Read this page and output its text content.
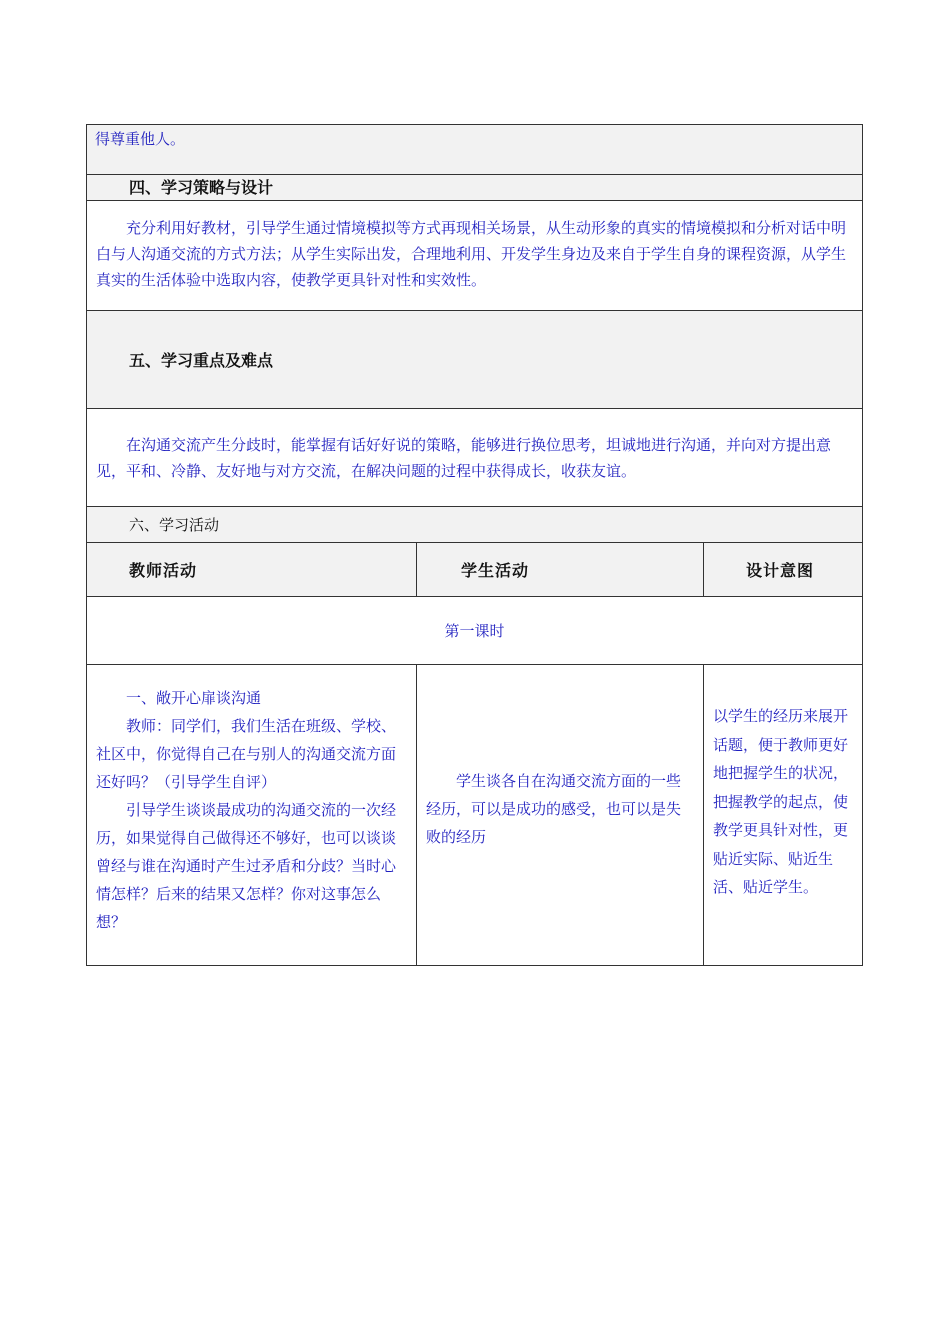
得尊重他人。		

四、学习策略与设计		

充分利用好教材，引导学生通过情境模拟等方式再现相关场景，从生动形象的真实的情境模拟和分析对话中明白与人沟通交流的方式方法；从学生实际出发，合理地利用、开发学生身边及来自于学生自身的课程资源，从学生真实的生活体验中选取内容，使教学更具针对性和实效性。		

五、学习重点及难点		

在沟通交流产生分歧时，能掌握有话好好说的策略，能够进行换位思考，坦诚地进行沟通，并向对方提出意见，平和、冷静、友好地与对方交流，在解决问题的过程中获得成长，收获友谊。		

六、学习活动		

教师活动	学生活动	设计意图

第一课时		

一、敞开心扉谈沟通

教师：同学们，我们生活在班级、学校、社区中，你觉得自己在与别人的沟通交流方面还好吗？（引导学生自评）

引导学生谈谈最成功的沟通交流的一次经历，如果觉得自己做得还不够好，也可以谈谈曾经与谁在沟通时产生过矛盾和分歧？当时心情怎样？后来的结果又怎样？你对这事怎么想？	学生谈各自在沟通交流方面的一些经历，可以是成功的感受，也可以是失败的经历	以学生的经历来展开话题，便于教师更好地把握学生的状况，把握教学的起点，使教学更具针对性，更贴近实际、贴近生活、贴近学生。
